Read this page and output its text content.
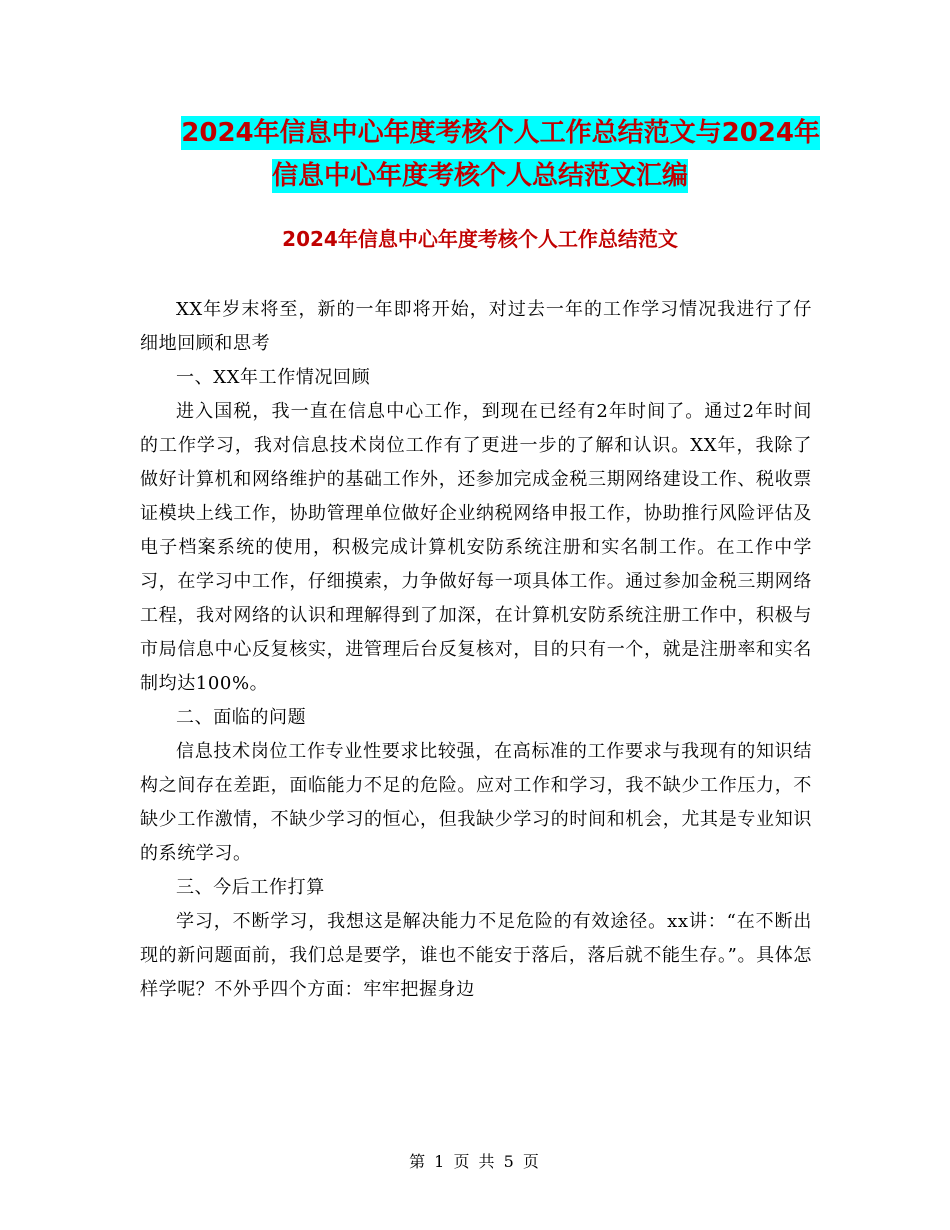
2024年信息中心年度考核个人工作总结范文与2024年
信息中心年度考核个人总结范文汇编
2024年信息中心年度考核个人工作总结范文

XX年岁末将至，新的一年即将开始，对过去一年的工作学习情况我进行了仔细地回顾和思考

一、XX年工作情况回顾

进入国税，我一直在信息中心工作，到现在已经有2年时间了。通过2年时间的工作学习，我对信息技术岗位工作有了更进一步的了解和认识。XX年，我除了做好计算机和网络维护的基础工作外，还参加完成金税三期网络建设工作、税收票证模块上线工作，协助管理单位做好企业纳税网络申报工作，协助推行风险评估及电子档案系统的使用，积极完成计算机安防系统注册和实名制工作。在工作中学习，在学习中工作，仔细摸索，力争做好每一项具体工作。通过参加金税三期网络工程，我对网络的认识和理解得到了加深，在计算机安防系统注册工作中，积极与市局信息中心反复核实，进管理后台反复核对，目的只有一个，就是注册率和实名制均达100%。

二、面临的问题

信息技术岗位工作专业性要求比较强，在高标准的工作要求与我现有的知识结构之间存在差距，面临能力不足的危险。应对工作和学习，我不缺少工作压力，不缺少工作激情，不缺少学习的恒心，但我缺少学习的时间和机会，尤其是专业知识的系统学习。

三、今后工作打算

学习，不断学习，我想这是解决能力不足危险的有效途径。xx讲：“在不断出现的新问题面前，我们总是要学，谁也不能安于落后，落后就不能生存。”。具体怎样学呢？不外乎四个方面：牢牢把握身边

第 1 页 共 5 页
